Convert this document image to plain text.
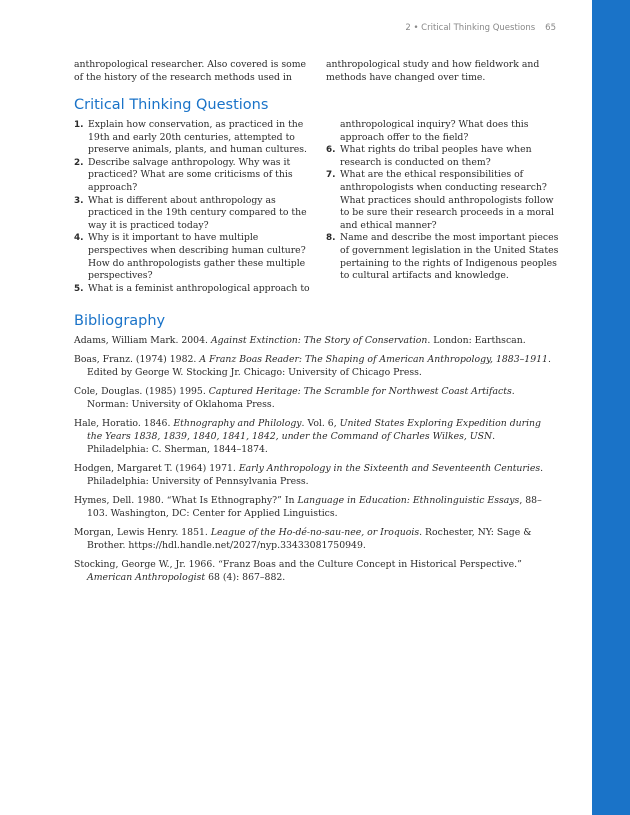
2 • Critical Thinking Questions 65
anthropological researcher. Also covered is some of the history of the research methods used in
anthropological study and how fieldwork and methods have changed over time.
Critical Thinking Questions
1. Explain how conservation, as practiced in the 19th and early 20th centuries, attempted to preserve animals, plants, and human cultures.
2. Describe salvage anthropology. Why was it practiced? What are some criticisms of this approach?
3. What is different about anthropology as practiced in the 19th century compared to the way it is practiced today?
4. Why is it important to have multiple perspectives when describing human culture? How do anthropologists gather these multiple perspectives?
5. What is a feminist anthropological approach to
anthropological inquiry? What does this approach offer to the field?
6. What rights do tribal peoples have when research is conducted on them?
7. What are the ethical responsibilities of anthropologists when conducting research? What practices should anthropologists follow to be sure their research proceeds in a moral and ethical manner?
8. Name and describe the most important pieces of government legislation in the United States pertaining to the rights of Indigenous peoples to cultural artifacts and knowledge.
Bibliography
Adams, William Mark. 2004. Against Extinction: The Story of Conservation. London: Earthscan.
Boas, Franz. (1974) 1982. A Franz Boas Reader: The Shaping of American Anthropology, 1883–1911. Edited by George W. Stocking Jr. Chicago: University of Chicago Press.
Cole, Douglas. (1985) 1995. Captured Heritage: The Scramble for Northwest Coast Artifacts. Norman: University of Oklahoma Press.
Hale, Horatio. 1846. Ethnography and Philology. Vol. 6, United States Exploring Expedition during the Years 1838, 1839, 1840, 1841, 1842, under the Command of Charles Wilkes, USN. Philadelphia: C. Sherman, 1844–1874.
Hodgen, Margaret T. (1964) 1971. Early Anthropology in the Sixteenth and Seventeenth Centuries. Philadelphia: University of Pennsylvania Press.
Hymes, Dell. 1980. “What Is Ethnography?” In Language in Education: Ethnolinguistic Essays, 88–103. Washington, DC: Center for Applied Linguistics.
Morgan, Lewis Henry. 1851. League of the Ho-dé-no-sau-nee, or Iroquois. Rochester, NY: Sage & Brother. https://hdl.handle.net/2027/nyp.33433081750949.
Stocking, George W., Jr. 1966. “Franz Boas and the Culture Concept in Historical Perspective.” American Anthropologist 68 (4): 867–882.
